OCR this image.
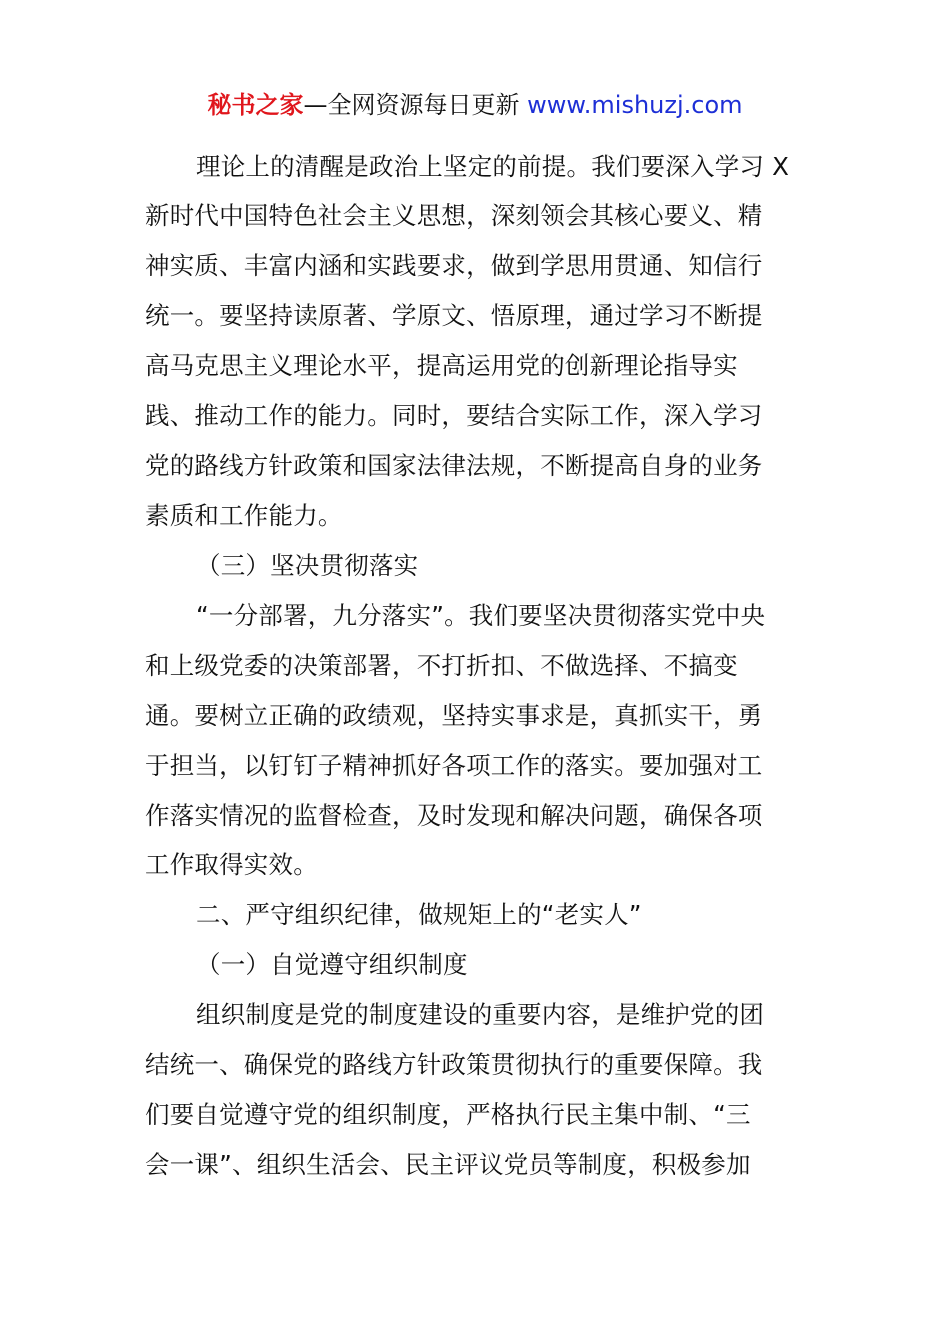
秘书之家—全网资源每日更新 www.mishuzj.com
理论上的清醒是政治上坚定的前提。我们要深入学习 X
新时代中国特色社会主义思想，深刻领会其核心要义、精
神实质、丰富内涵和实践要求，做到学思用贯通、知信行
统一。要坚持读原著、学原文、悟原理，通过学习不断提
高马克思主义理论水平，提高运用党的创新理论指导实
践、推动工作的能力。同时，要结合实际工作，深入学习
党的路线方针政策和国家法律法规，不断提高自身的业务
素质和工作能力。
（三）坚决贯彻落实
“一分部署，九分落实”。我们要坚决贯彻落实党中央
和上级党委的决策部署，不打折扣、不做选择、不搞变
通。要树立正确的政绩观，坚持实事求是，真抓实干，勇
于担当，以钉钉子精神抓好各项工作的落实。要加强对工
作落实情况的监督检查，及时发现和解决问题，确保各项
工作取得实效。
二、严守组织纪律，做规矩上的“老实人”
（一）自觉遵守组织制度
组织制度是党的制度建设的重要内容，是维护党的团
结统一、确保党的路线方针政策贯彻执行的重要保障。我
们要自觉遵守党的组织制度，严格执行民主集中制、“三
会一课”、组织生活会、民主评议党员等制度，积极参加
